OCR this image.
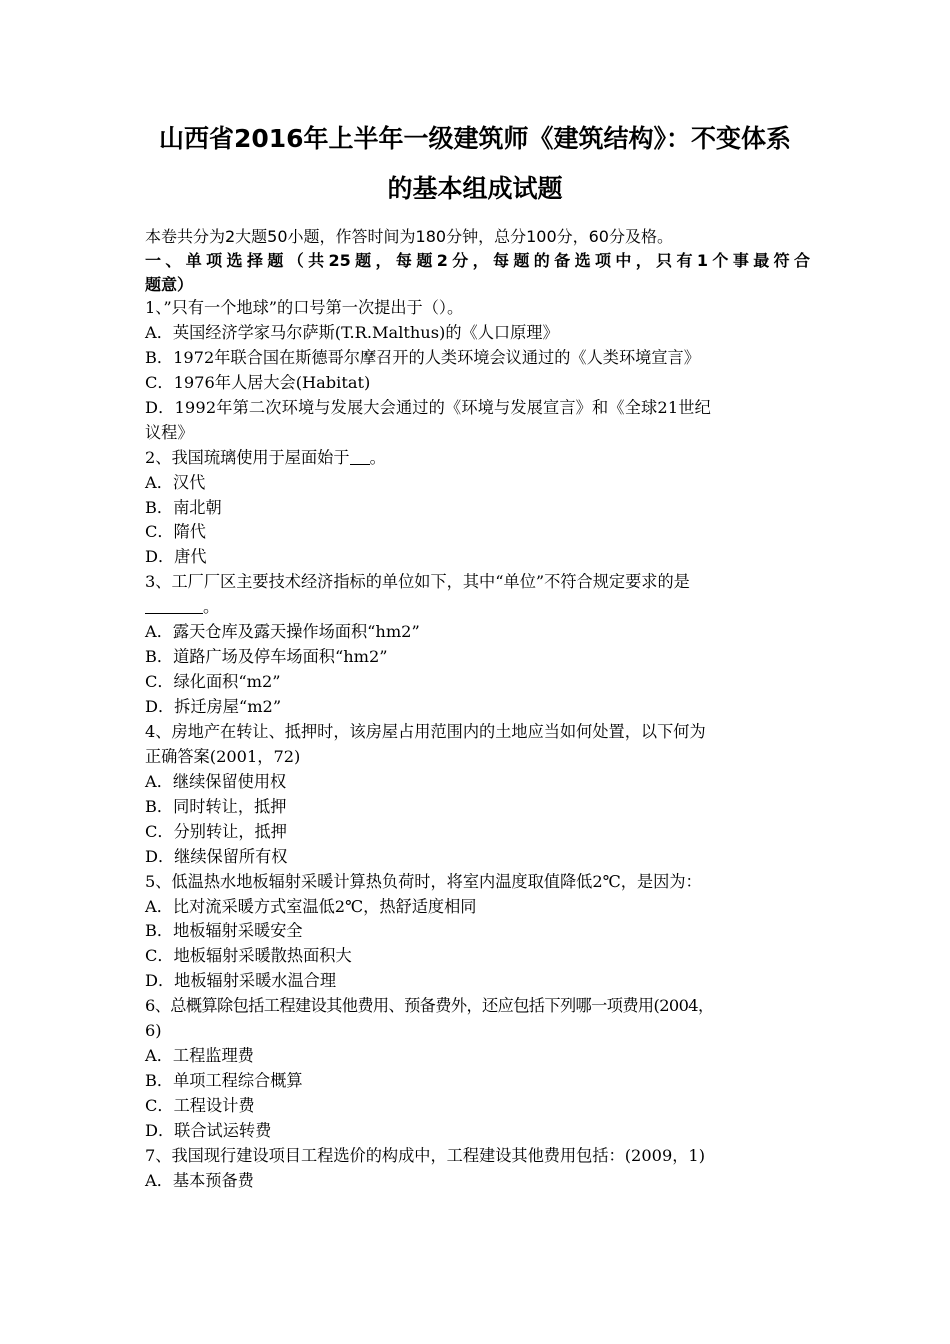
山西省2016年上半年一级建筑师《建筑结构》：不变体系
的基本组成试题
本卷共分为2大题50小题，作答时间为180分钟，总分100分，60分及格。
一、单项选择题（共25题，每题2分，每题的备选项中，只有1个事最符合
题意）
1、”只有一个地球”的口号第一次提出于（）。
A．英国经济学家马尔萨斯(T.R.Malthus)的《人口原理》
B．1972年联合国在斯德哥尔摩召开的人类环境会议通过的《人类环境宣言》
C．1976年人居大会(Habitat)
D．1992年第二次环境与发展大会通过的《环境与发展宣言》和《全球21世纪
议程》
2、我国琉璃使用于屋面始于 。
A．汉代
B．南北朝
C．隋代
D．唐代
3、工厂厂区主要技术经济指标的单位如下，其中“单位”不符合规定要求的是
。
A．露天仓库及露天操作场面积“hm2”
B．道路广场及停车场面积“hm2”
C．绿化面积“m2”
D．拆迁房屋“m2”
4、房地产在转让、抵押时，该房屋占用范围内的土地应当如何处置，以下何为
正确答案(2001，72)
A．继续保留使用权
B．同时转让，抵押
C．分别转让，抵押
D．继续保留所有权
5、低温热水地板辐射采暖计算热负荷时，将室内温度取值降低2℃，是因为：
A．比对流采暖方式室温低2℃，热舒适度相同
B．地板辐射采暖安全
C．地板辐射采暖散热面积大
D．地板辐射采暖水温合理
6、总概算除包括工程建设其他费用、预备费外，还应包括下列哪一项费用(2004，
6)
A．工程监理费
B．单项工程综合概算
C．工程设计费
D．联合试运转费
7、我国现行建设项目工程选价的构成中，工程建设其他费用包括：(2009，1)
A．基本预备费
